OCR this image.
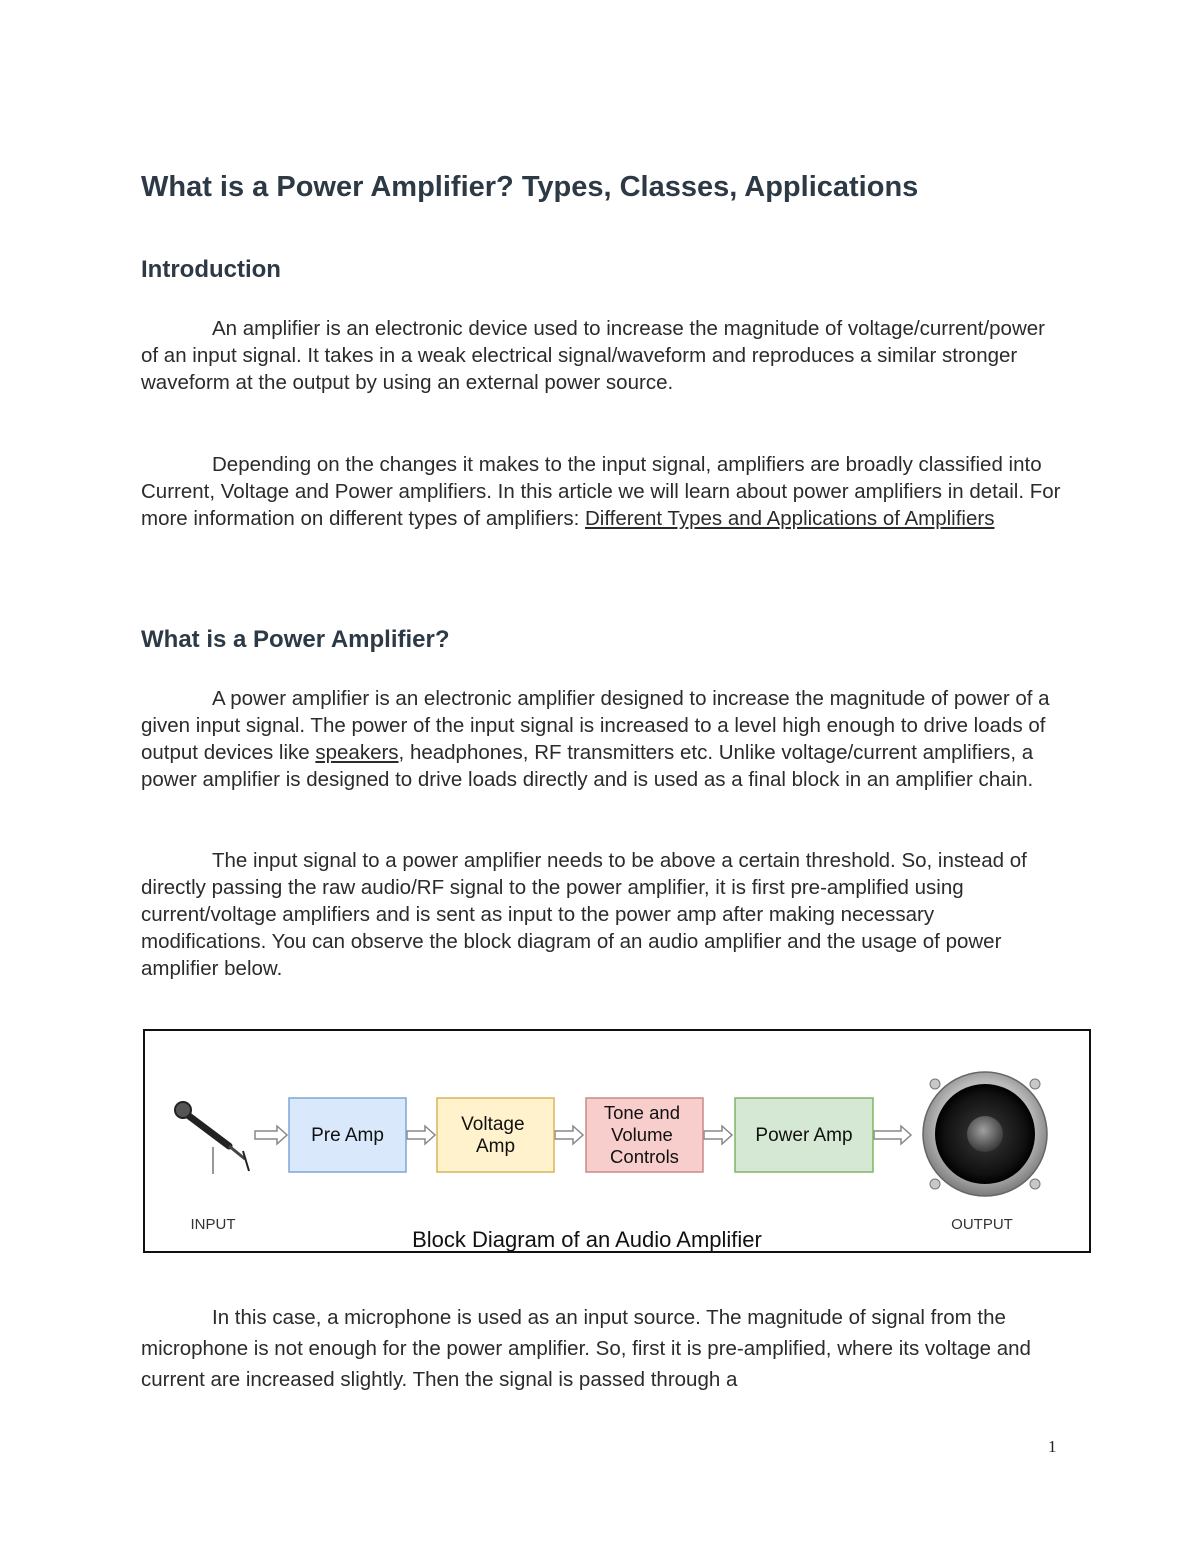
What is a Power Amplifier? Types, Classes, Applications
Introduction
An amplifier is an electronic device used to increase the magnitude of voltage/current/power of an input signal. It takes in a weak electrical signal/waveform and reproduces a similar stronger waveform at the output by using an external power source.
Depending on the changes it makes to the input signal, amplifiers are broadly classified into Current, Voltage and Power amplifiers. In this article we will learn about power amplifiers in detail. For more information on different types of amplifiers: Different Types and Applications of Amplifiers
What is a Power Amplifier?
A power amplifier is an electronic amplifier designed to increase the magnitude of power of a given input signal. The power of the input signal is increased to a level high enough to drive loads of output devices like speakers, headphones, RF transmitters etc. Unlike voltage/current amplifiers, a power amplifier is designed to drive loads directly and is used as a final block in an amplifier chain.
The input signal to a power amplifier needs to be above a certain threshold. So, instead of directly passing the raw audio/RF signal to the power amplifier, it is first pre-amplified using current/voltage amplifiers and is sent as input to the power amp after making necessary modifications. You can observe the block diagram of an audio amplifier and the usage of power amplifier below.
In this case, a microphone is used as an input source. The magnitude of signal from the microphone is not enough for the power amplifier. So, first it is pre-amplified, where its voltage and current are increased slightly. Then the signal is passed through a
Pre Amp
Voltage Amp
Tone and Volume Controls
Power Amp
INPUT	OUTPUT
Block Diagram of an Audio Amplifier
1
